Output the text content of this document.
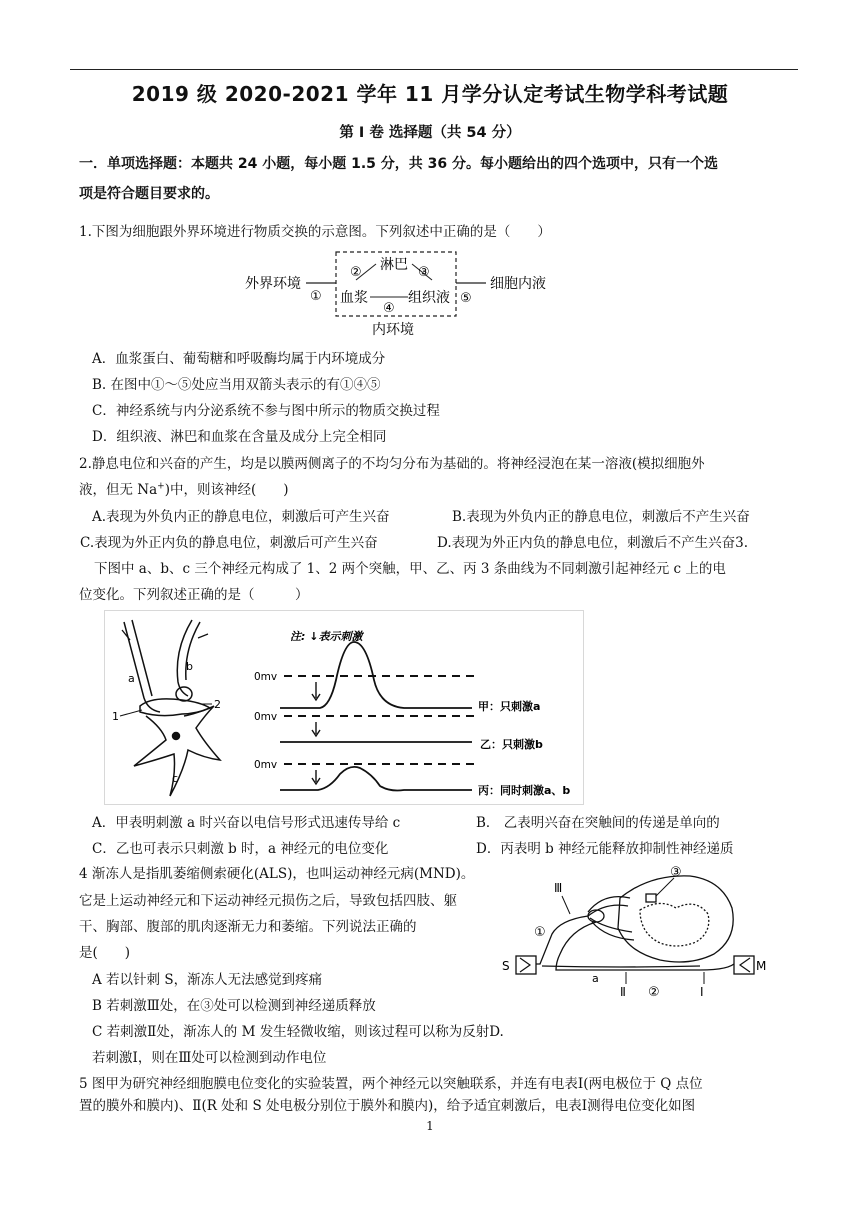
2019 级 2020-2021 学年 11 月学分认定考试生物学科考试题
第 I 卷 选择题（共 54 分）
一．单项选择题：本题共 24 小题，每小题 1.5 分，共 36 分。每小题给出的四个选项中，只有一个选
项是符合题目要求的。
1.下图为细胞跟外界环境进行物质交换的示意图。下列叙述中正确的是（　　）
外界环境
①
淋巴
②	③
血浆
④
组织液 ⑤
细胞内液
内环境
A．血浆蛋白、葡萄糖和呼吸酶均属于内环境成分
B. 在图中①～⑤处应当用双箭头表示的有①④⑤
C．神经系统与内分泌系统不参与图中所示的物质交换过程
D．组织液、淋巴和血浆在含量及成分上完全相同
2.静息电位和兴奋的产生，均是以膜两侧离子的不均匀分布为基础的。将神经浸泡在某一溶液(模拟细胞外
液，但无 Na+)中，则该神经(　　)
A.表现为外负内正的静息电位，刺激后可产生兴奋	B.表现为外负内正的静息电位，刺激后不产生兴奋
C.表现为外正内负的静息电位，刺激后可产生兴奋	D.表现为外正内负的静息电位，刺激后不产生兴奋3.
下图中 a、b、c 三个神经元构成了 1、2 两个突触，甲、乙、丙 3 条曲线为不同刺激引起神经元 c 上的电
位变化。下列叙述正确的是（　　　）
a
b
c
1
2
注: ↓表示刺激
0mv
甲：只刺激a
0mv
乙：只刺激b
0mv
丙：同时刺激a、b
A．甲表明刺激 a 时兴奋以电信号形式迅速传导给 c	B． 乙表明兴奋在突触间的传递是单向的
C．乙也可表示只刺激 b 时，a 神经元的电位变化	D．丙表明 b 神经元能释放抑制性神经递质
4 渐冻人是指肌萎缩侧索硬化(ALS)，也叫运动神经元病(MND)。
它是上运动神经元和下运动神经元损伤之后，导致包括四肢、躯
干、胸部、腹部的肌肉逐渐无力和萎缩。下列说法正确的
是(　　)
S	M
a
Ⅲ
①
③
Ⅱ ②	I
A 若以针刺 S，渐冻人无法感觉到疼痛
B 若刺激Ⅲ处，在③处可以检测到神经递质释放
C 若刺激Ⅱ处，渐冻人的 M 发生轻微收缩，则该过程可以称为反射D.
若刺激Ⅰ，则在Ⅲ处可以检测到动作电位
5 图甲为研究神经细胞膜电位变化的实验装置，两个神经元以突触联系，并连有电表Ⅰ(两电极位于 Q 点位
置的膜外和膜内)、Ⅱ(R 处和 S 处电极分别位于膜外和膜内)，给予适宜刺激后，电表Ⅰ测得电位变化如图
1
